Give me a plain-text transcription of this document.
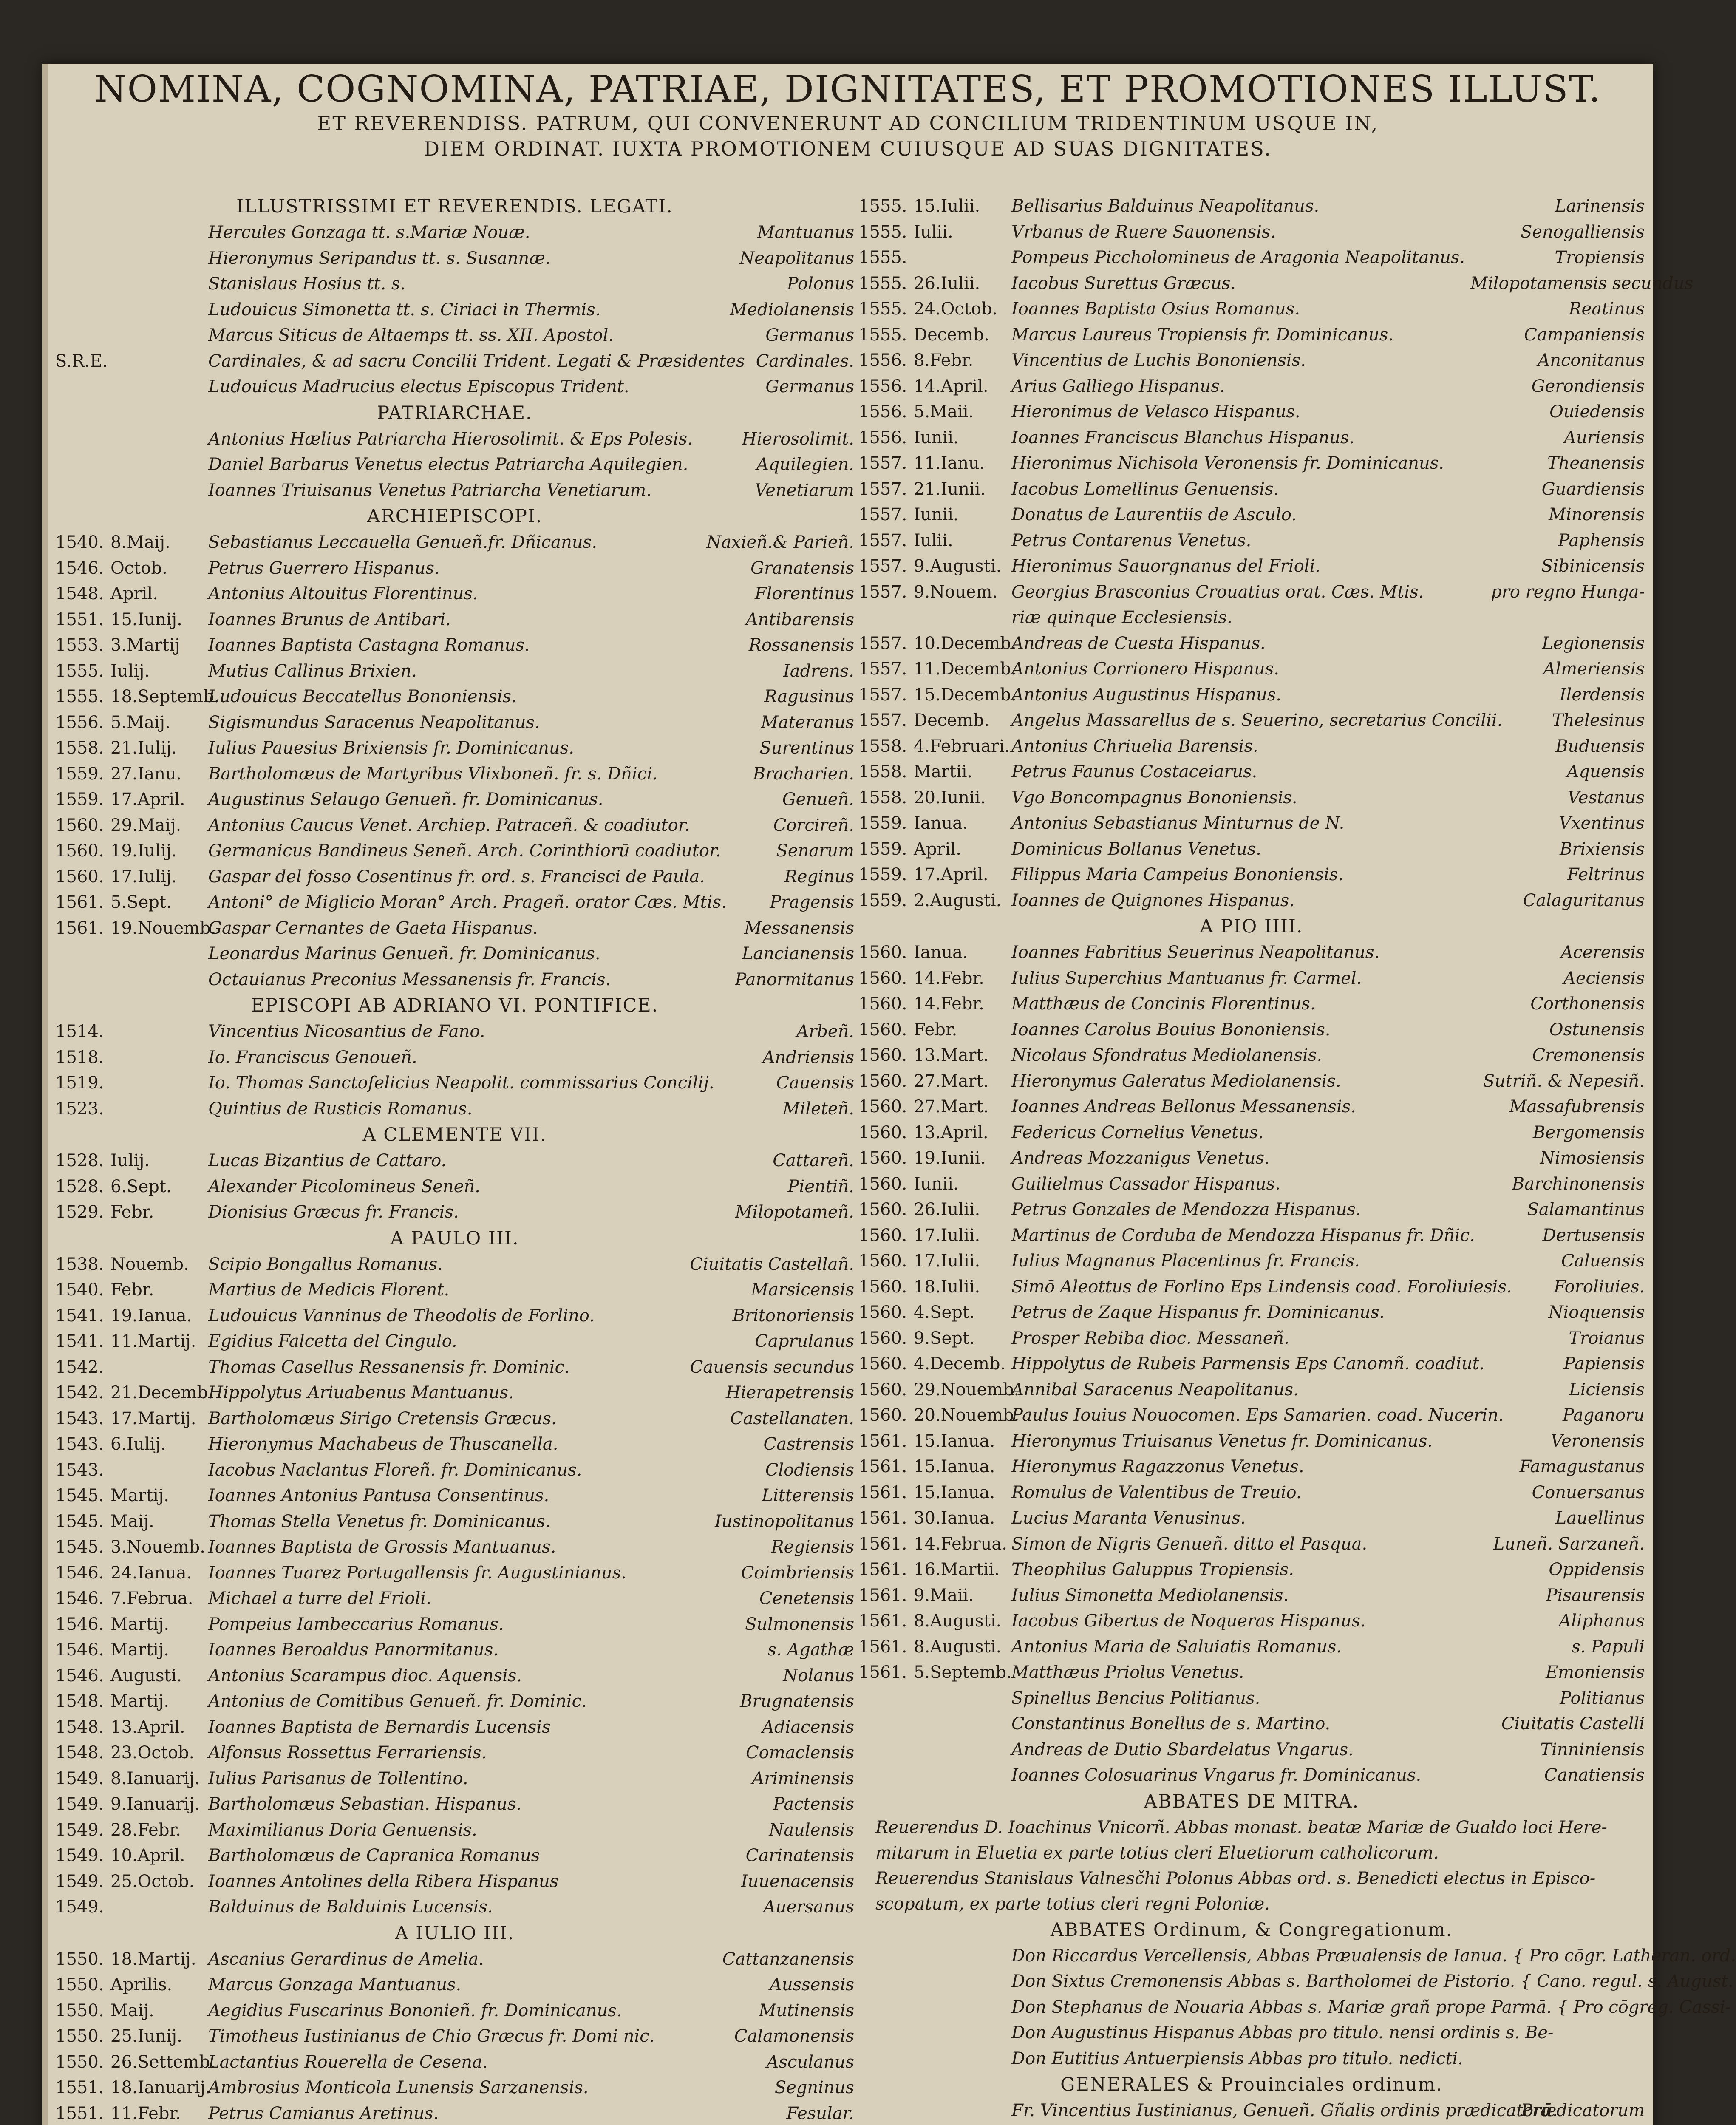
NOMINA, COGNOMINA, PATRIAE, DIGNITATES, ET PROMOTIONES ILLUST.
ET REVERENDISS. PATRUM, QUI CONVENERUNT AD CONCILIUM TRIDENTINUM USQUE IN,
DIEM ORDINAT. IUXTA PROMOTIONEM CUIUSQUE AD SUAS DIGNITATES.
ILLUSTRISSIMI ET REVERENDIS. LEGATI.
Hercules Gonzaga tt. s.Mariæ Nouæ.	Mantuanus
Hieronymus Seripandus tt. s. Susannæ.	Neapolitanus
Stanislaus Hosius tt. s.	Polonus
Ludouicus Simonetta tt. s. Ciriaci in Thermis.	Mediolanensis
Marcus Siticus de Altaemps tt. ss. XII. Apostol.	Germanus
S.R.E.	Cardinales, & ad sacru Concilii Trident. Legati & Præsidentes Cardinales.
Ludouicus Madrucius electus Episcopus Trident.	Germanus
PATRIARCHAE.
Antonius Hælius Patriarcha Hierosolimit. & Eps Polesis.	Hierosolimit.
Daniel Barbarus Venetus electus Patriarcha Aquilegien.	Aquilegien.
Ioannes Triuisanus Venetus Patriarcha Venetiarum.	Venetiarum
ARCHIEPISCOPI.
1540. 8.Maij.	Sebastianus Leccauella Genueñ.fr. Dñicanus.	Naxieñ.& Parieñ.
1546. Octob.	Petrus Guerrero Hispanus.	Granatensis
1548. April.	Antonius Altouitus Florentinus.	Florentinus
1551. 15.Iunij.	Ioannes Brunus de Antibari.	Antibarensis
1553. 3.Martij	Ioannes Baptista Castagna Romanus.	Rossanensis
1555. Iulij.	Mutius Callinus Brixien.	Iadrens.
1555. 18.Septemb.
Ludouicus Beccatellus Bononiensis.	Ragusinus
1556. 5.Maij.	Sigismundus Saracenus Neapolitanus.	Materanus
1558. 21.Iulij.	Iulius Pauesius Brixiensis fr. Dominicanus.	Surentinus
1559. 27.Ianu.	Bartholomæus de Martyribus Vlixboneñ. fr. s. Dñici.	Bracharien.
1559. 17.April.	Augustinus Selaugo Genueñ. fr. Dominicanus.	Genueñ.
1560. 29.Maij.	Antonius Caucus Venet. Archiep. Patraceñ. & coadiutor.	Corcireñ.
1560. 19.Iulij.	Germanicus Bandineus Seneñ. Arch. Corinthiorū coadiutor.	Senarum
1560. 17.Iulij.	Gaspar del fosso Cosentinus fr. ord. s. Francisci de Paula.	Reginus
1561. 5.Sept.	Antoni° de Miglicio Moran° Arch. Prageñ. orator Cæs. Mtis.	Pragensis
1561. 19.Nouemb.
Gaspar Cernantes de Gaeta Hispanus.	Messanensis
Leonardus Marinus Genueñ. fr. Dominicanus.	Lancianensis
Octauianus Preconius Messanensis fr. Francis.	Panormitanus
EPISCOPI AB ADRIANO VI. PONTIFICE.
1514.	Vincentius Nicosantius de Fano.	Arbeñ.
1518.	Io. Franciscus Genoueñ.	Andriensis
1519.	Io. Thomas Sanctofelicius Neapolit. commissarius Concilij.	Cauensis
1523.	Quintius de Rusticis Romanus.	Mileteñ.
A CLEMENTE VII.
1528. Iulij.	Lucas Bizantius de Cattaro.	Cattareñ.
1528. 6.Sept.	Alexander Picolomineus Seneñ.	Pientiñ.
1529. Febr.	Dionisius Græcus fr. Francis.	Milopotameñ.
A PAULO III.
1538. Nouemb.	Scipio Bongallus Romanus.	Ciuitatis Castellañ.
1540. Febr.	Martius de Medicis Florent.	Marsicensis
1541. 19.Ianua. Ludouicus Vanninus de Theodolis de Forlino.	Britonoriensis
1541. 11.Martij. Egidius Falcetta del Cingulo.	Caprulanus
1542.	Thomas Casellus Ressanensis fr. Dominic.	Cauensis secundus
1542. 21.Decemb.
Hippolytus Ariuabenus Mantuanus.	Hierapetrensis
1543. 17.Martij. Bartholomæus Sirigo Cretensis Græcus.	Castellanaten.
1543. 6.Iulij.	Hieronymus Machabeus de Thuscanella.	Castrensis
1543.	Iacobus Naclantus Floreñ. fr. Dominicanus.	Clodiensis
1545. Martij.	Ioannes Antonius Pantusa Consentinus.	Litterensis
1545. Maij.	Thomas Stella Venetus fr. Dominicanus.	Iustinopolitanus
1545. 3.Nouemb. Ioannes Baptista de Grossis Mantuanus.	Regiensis
1546. 24.Ianua. Ioannes Tuarez Portugallensis fr. Augustinianus.	Coimbriensis
1546. 7.Februa. Michael a turre del Frioli.	Cenetensis
1546. Martij.	Pompeius Iambeccarius Romanus.	Sulmonensis
1546. Martij.	Ioannes Beroaldus Panormitanus.	s. Agathæ
1546. Augusti.	Antonius Scarampus dioc. Aquensis.	Nolanus
1548. Martij.	Antonius de Comitibus Genueñ. fr. Dominic.	Brugnatensis
1548. 13.April.	Ioannes Baptista de Bernardis Lucensis	Adiacensis
1548. 23.Octob. Alfonsus Rossettus Ferrariensis.	Comaclensis
1549. 8.Ianuarij. Iulius Parisanus de Tollentino.	Ariminensis
1549. 9.Ianuarij. Bartholomæus Sebastian. Hispanus.	Pactensis
1549. 28.Febr.	Maximilianus Doria Genuensis.	Naulensis
1549. 10.April.	Bartholomæus de Capranica Romanus	Carinatensis
1549. 25.Octob. Ioannes Antolines della Ribera Hispanus	Iuuenacensis
1549.	Balduinus de Balduinis Lucensis.	Auersanus
A IULIO III.
1550. 18.Martij. Ascanius Gerardinus de Amelia.	Cattanzanensis
1550. Aprilis.	Marcus Gonzaga Mantuanus.	Aussensis
1550. Maij.	Aegidius Fuscarinus Bononieñ. fr. Dominicanus.	Mutinensis
1550. 25.Iunij.	Timotheus Iustinianus de Chio Græcus fr. Domi nic.	Calamonensis
1550. 26.Settemb.
Lactantius Rouerella de Cesena.	Asculanus
1551. 18.Ianuarij.
Ambrosius Monticola Lunensis Sarzanensis.	Segninus
1551. 11.Febr.	Petrus Camianus Aretinus.	Fesular.
1555. 15.Iulii.	Bellisarius Balduinus Neapolitanus.	Larinensis
1555. Iulii.	Vrbanus de Ruere Sauonensis.	Senogalliensis
1555.	Pompeus Piccholomineus de Aragonia Neapolitanus.	Tropiensis
1555. 26.Iulii.	Iacobus Surettus Græcus.	Milopotamensis secundus
1555. 24.Octob. Ioannes Baptista Osius Romanus.	Reatinus
1555. Decemb.	Marcus Laureus Tropiensis fr. Dominicanus.	Campaniensis
1556. 8.Febr.	Vincentius de Luchis Bononiensis.	Anconitanus
1556. 14.April.	Arius Galliego Hispanus.	Gerondiensis
1556. 5.Maii.	Hieronimus de Velasco Hispanus.	Ouiedensis
1556. Iunii.	Ioannes Franciscus Blanchus Hispanus.	Auriensis
1557. 11.Ianu.	Hieronimus Nichisola Veronensis fr. Dominicanus.	Theanensis
1557. 21.Iunii.	Iacobus Lomellinus Genuensis.	Guardiensis
1557. Iunii.	Donatus de Laurentiis de Asculo.	Minorensis
1557. Iulii.	Petrus Contarenus Venetus.	Paphensis
1557. 9.Augusti. Hieronimus Sauorgnanus del Frioli.	Sibinicensis
1557. 9.Nouem. Georgius Brasconius Crouatius orat. Cæs. Mtis.	pro regno Hunga-
riæ quinque Ecclesiensis.
1557. 10.Decemb.
Andreas de Cuesta Hispanus.	Legionensis
1557. 11.Decemb.
Antonius Corrionero Hispanus.	Almeriensis
1557. 15.Decemb.
Antonius Augustinus Hispanus.	Ilerdensis
1557. Decemb.	Angelus Massarellus de s. Seuerino, secretarius Concilii.	Thelesinus
1558. 4.Februari. Antonius Chriuelia Barensis.	Buduensis
1558. Martii.	Petrus Faunus Costaceiarus.	Aquensis
1558. 20.Iunii.	Vgo Boncompagnus Bononiensis.	Vestanus
1559. Ianua.	Antonius Sebastianus Minturnus de N.	Vxentinus
1559. April.	Dominicus Bollanus Venetus.	Brixiensis
1559. 17.April.	Filippus Maria Campeius Bononiensis.	Feltrinus
1559. 2.Augusti. Ioannes de Quignones Hispanus.	Calaguritanus
A PIO IIII.
1560. Ianua.	Ioannes Fabritius Seuerinus Neapolitanus.	Acerensis
1560. 14.Febr.	Iulius Superchius Mantuanus fr. Carmel.	Aeciensis
1560. 14.Febr.	Matthæus de Concinis Florentinus.	Corthonensis
1560. Febr.	Ioannes Carolus Bouius Bononiensis.	Ostunensis
1560. 13.Mart.	Nicolaus Sfondratus Mediolanensis.	Cremonensis
1560. 27.Mart.	Hieronymus Galeratus Mediolanensis.	Sutriñ. & Nepesiñ.
1560. 27.Mart.	Ioannes Andreas Bellonus Messanensis.	Massafubrensis
1560. 13.April.	Federicus Cornelius Venetus.	Bergomensis
1560. 19.Iunii.	Andreas Mozzanigus Venetus.	Nimosiensis
1560. Iunii.	Guilielmus Cassador Hispanus.	Barchinonensis
1560. 26.Iulii.	Petrus Gonzales de Mendozza Hispanus.	Salamantinus
1560. 17.Iulii.	Martinus de Corduba de Mendozza Hispanus fr. Dñic.	Dertusensis
1560. 17.Iulii.	Iulius Magnanus Placentinus fr. Francis.	Caluensis
1560. 18.Iulii.	Simō Aleottus de Forlino Eps Lindensis coad. Foroliuiesis.	Foroliuies.
1560. 4.Sept.	Petrus de Zaque Hispanus fr. Dominicanus.	Nioquensis
1560. 9.Sept.	Prosper Rebiba dioc. Messaneñ.	Troianus
1560. 4.Decemb. Hippolytus de Rubeis Parmensis Eps Canomñ. coadiut.	Papiensis
1560. 29.Nouemb.
Annibal Saracenus Neapolitanus.	Liciensis
1560. 20.Nouemb.
Paulus Iouius Nouocomen. Eps Samarien. coad. Nucerin.	Paganoru
1561. 15.Ianua. Hieronymus Triuisanus Venetus fr. Dominicanus.	Veronensis
1561. 15.Ianua. Hieronymus Ragazzonus Venetus.	Famagustanus
1561. 15.Ianua. Romulus de Valentibus de Treuio.	Conuersanus
1561. 30.Ianua. Lucius Maranta Venusinus.	Lauellinus
1561. 14.Februa. Simon de Nigris Genueñ. ditto el Pasqua.	Luneñ. Sarzaneñ.
1561. 16.Martii. Theophilus Galuppus Tropiensis.	Oppidensis
1561. 9.Maii.	Iulius Simonetta Mediolanensis.	Pisaurensis
1561. 8.Augusti. Iacobus Gibertus de Noqueras Hispanus.	Aliphanus
1561. 8.Augusti. Antonius Maria de Saluiatis Romanus.	s. Papuli
1561. 5.Septemb. Matthæus Priolus Venetus.	Emoniensis
Spinellus Bencius Politianus.	Politianus
Constantinus Bonellus de s. Martino.	Ciuitatis Castelli
Andreas de Dutio Sbardelatus Vngarus.	Tinniniensis
Ioannes Colosuarinus Vngarus fr. Dominicanus.	Canatiensis
ABBATES DE MITRA.
Reuerendus D. Ioachinus Vnicorñ. Abbas monast. beatæ Mariæ de Gualdo loci Here-
mitarum in Eluetia ex parte totius cleri Eluetiorum catholicorum.
Reuerendus Stanislaus Valnesčhi Polonus Abbas ord. s. Benedicti electus in Episco-
scopatum, ex parte totius cleri regni Poloniæ.
ABBATES Ordinum, & Congregationum.
Don Riccardus Vercellensis, Abbas Præualensis de Ianua. { Pro cōgr. Latheran. ord.
Don Sixtus Cremonensis Abbas s. Bartholomei de Pistorio. { Cano. regul. s. August.
Don Stephanus de Nouaria Abbas s. Mariæ grañ prope Parmā. { Pro cōgreg. Cassi-
Don Augustinus Hispanus Abbas pro titulo. nensi ordinis s. Be-
Don Eutitius Antuerpiensis Abbas pro titulo. nedicti.
GENERALES & Prouinciales ordinum.
Fr. Vincentius Iustinianus, Genueñ. Gñalis ordinis prædicatorū.
Prædicatorum
